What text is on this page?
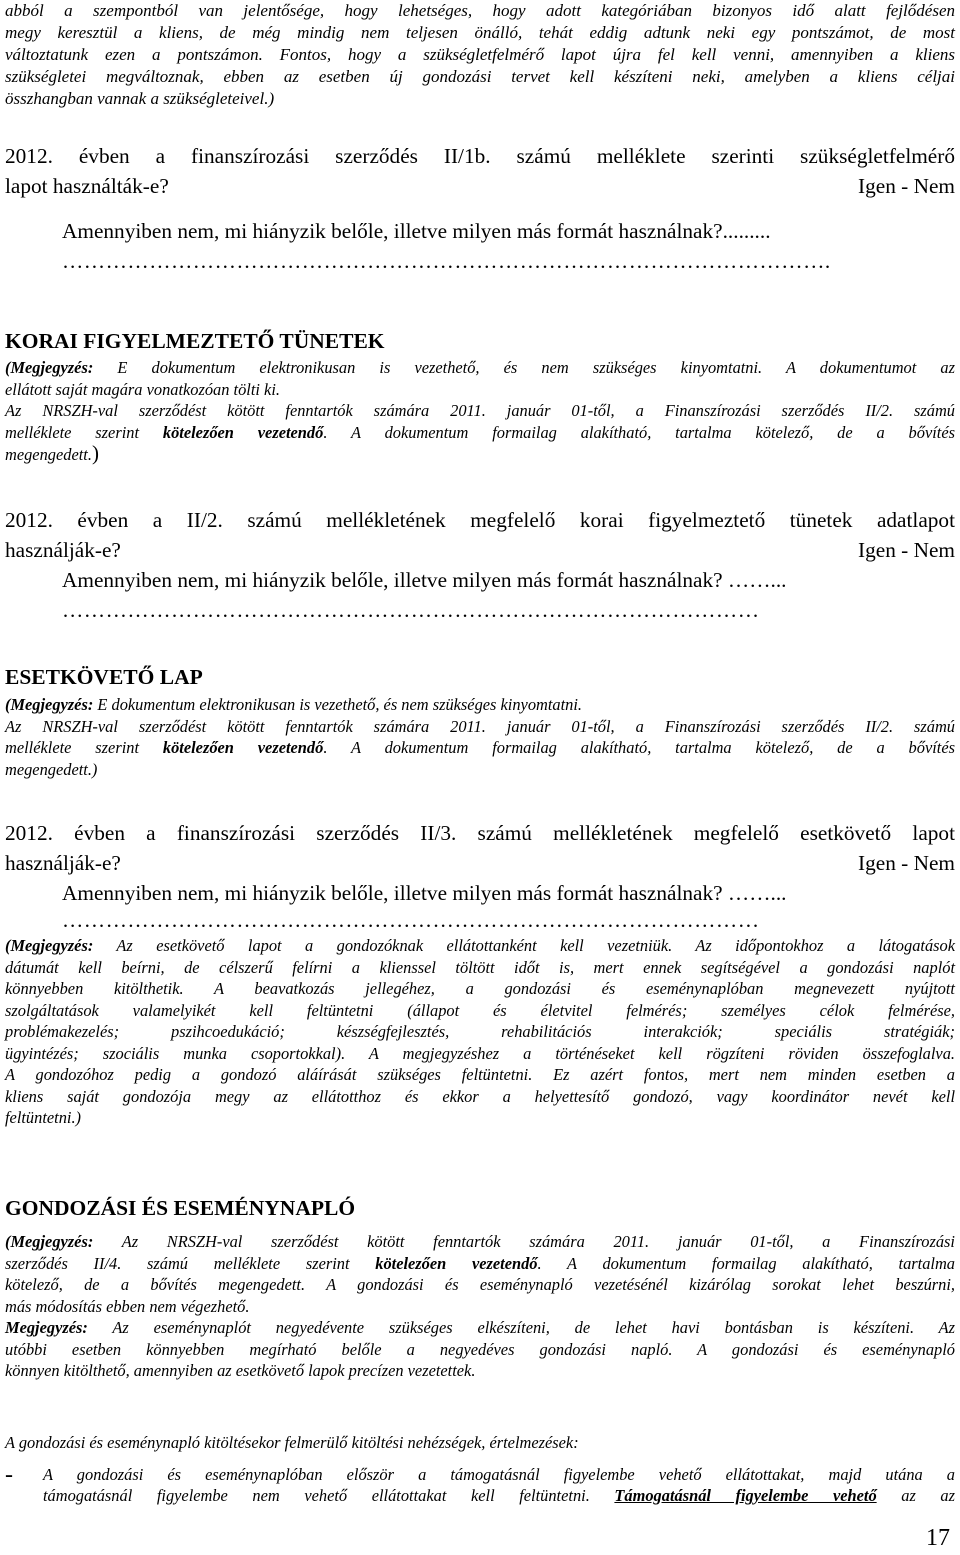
abból a szempontból van jelentősége, hogy lehetséges, hogy adott kategóriában bizonyos idő alatt fejlődésen

megy keresztül a kliens, de még mindig nem teljesen önálló, tehát eddig adtunk neki egy pontszámot, de most

változtatunk ezen a pontszámon. Fontos, hogy a szükségletfelmérő lapot újra fel kell venni, amennyiben a kliens

szükségletei megváltoznak, ebben az esetben új gondozási tervet kell készíteni neki, amelyben a kliens céljai

összhangban vannak a szükségleteivel.)

2012. évben a finanszírozási szerződés II/1b. számú melléklete szerinti szükségletfelmérő

lapot használták-e?	Igen - Nem

Amennyiben nem, mi hiányzik belőle, illetve milyen más formát használnak?.........

…………………………………………………………………………………………….

KORAI FIGYELMEZTETŐ TÜNETEK

(Megjegyzés: E dokumentum elektronikusan is vezethető, és nem szükséges kinyomtatni. A dokumentumot az

ellátott saját magára vonatkozóan tölti ki.

Az NRSZH-val szerződést kötött fenntartók számára 2011. január 01-től, a Finanszírozási szerződés II/2. számú

melléklete szerint kötelezően vezetendő. A dokumentum formailag alakítható, tartalma kötelező, de a bővítés

megengedett.)

2012. évben a II/2. számú mellékletének megfelelő korai figyelmeztető tünetek adatlapot

használják-e?	Igen - Nem

Amennyiben nem, mi hiányzik belőle, illetve milyen más formát használnak? ……...

……………………………………………………………………………………

ESETKÖVETŐ LAP

(Megjegyzés: E dokumentum elektronikusan is vezethető, és nem szükséges kinyomtatni.

Az NRSZH-val szerződést kötött fenntartók számára 2011. január 01-től, a Finanszírozási szerződés II/2. számú

melléklete szerint kötelezően vezetendő. A dokumentum formailag alakítható, tartalma kötelező, de a bővítés

megengedett.)

2012. évben a finanszírozási szerződés II/3. számú mellékletének megfelelő esetkövető lapot

használják-e?	Igen - Nem

Amennyiben nem, mi hiányzik belőle, illetve milyen más formát használnak? ……...

……………………………………………………………………………………

(Megjegyzés: Az esetkövető lapot a gondozóknak ellátottanként kell vezetniük. Az időpontokhoz a látogatások

dátumát kell beírni, de célszerű felírni a klienssel töltött időt is, mert ennek segítségével a gondozási naplót

könnyebben kitölthetik. A beavatkozás jellegéhez, a gondozási és eseménynaplóban megnevezett nyújtott

szolgáltatások valamelyikét kell feltüntetni (állapot és életvitel felmérés; személyes célok felmérése,

problémakezelés; pszihcoedukáció; készségfejlesztés, rehabilitációs interakciók; speciális stratégiák;

ügyintézés; szociális munka csoportokkal). A megjegyzéshez a történéseket kell rögzíteni röviden összefoglalva.

A gondozóhoz pedig a gondozó aláírását szükséges feltüntetni. Ez azért fontos, mert nem minden esetben a

kliens saját gondozója megy az ellátotthoz és ekkor a helyettesítő gondozó, vagy koordinátor nevét kell

feltüntetni.)

GONDOZÁSI ÉS ESEMÉNYNAPLÓ

(Megjegyzés: Az NRSZH-val szerződést kötött fenntartók számára 2011. január 01-től, a Finanszírozási

szerződés II/4. számú melléklete szerint kötelezően vezetendő. A dokumentum formailag alakítható, tartalma

kötelező, de a bővítés megengedett. A gondozási és eseménynapló vezetésénél kizárólag sorokat lehet beszúrni,

más módosítás ebben nem végezhető.

Megjegyzés: Az eseménynaplót negyedévente szükséges elkészíteni, de lehet havi bontásban is készíteni. Az

utóbbi esetben könnyebben megírható belőle a negyedéves gondozási napló. A gondozási és eseménynapló

könnyen kitölthető, amennyiben az esetkövető lapok precízen vezetettek.

A gondozási és eseménynapló kitöltésekor felmerülő kitöltési nehézségek, értelmezések:

-	A gondozási és eseménynaplóban először a támogatásnál figyelembe vehető ellátottakat, majd utána a

támogatásnál figyelembe nem vehető ellátottakat kell feltüntetni. Támogatásnál figyelembe vehető az az

17
